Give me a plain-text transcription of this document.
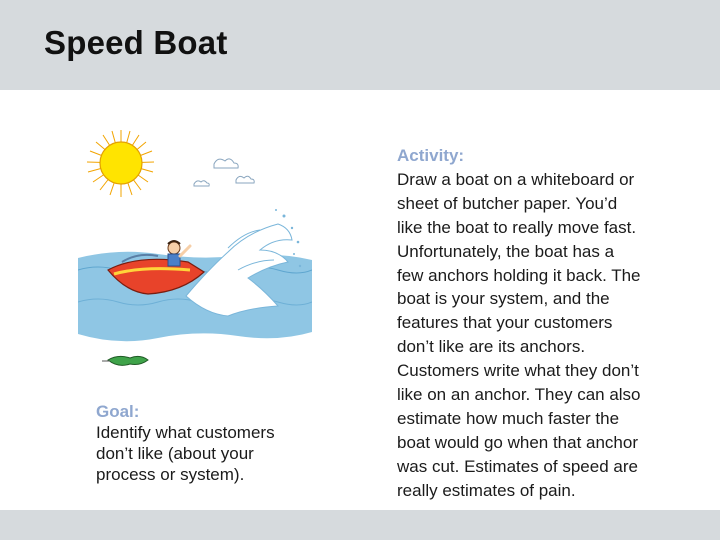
Speed Boat
Goal:
Identify what customers
don’t like (about your
process or system).
Activity:
Draw a boat on a whiteboard or
sheet of butcher paper. You’d
like the boat to really move fast.
Unfortunately, the boat has a
few anchors holding it back. The
boat is your system, and the
features that your customers
don’t like are its anchors.
Customers write what they don’t
like on an anchor. They can also
estimate how much faster the
boat would go when that anchor
was cut. Estimates of speed are
really estimates of pain.
